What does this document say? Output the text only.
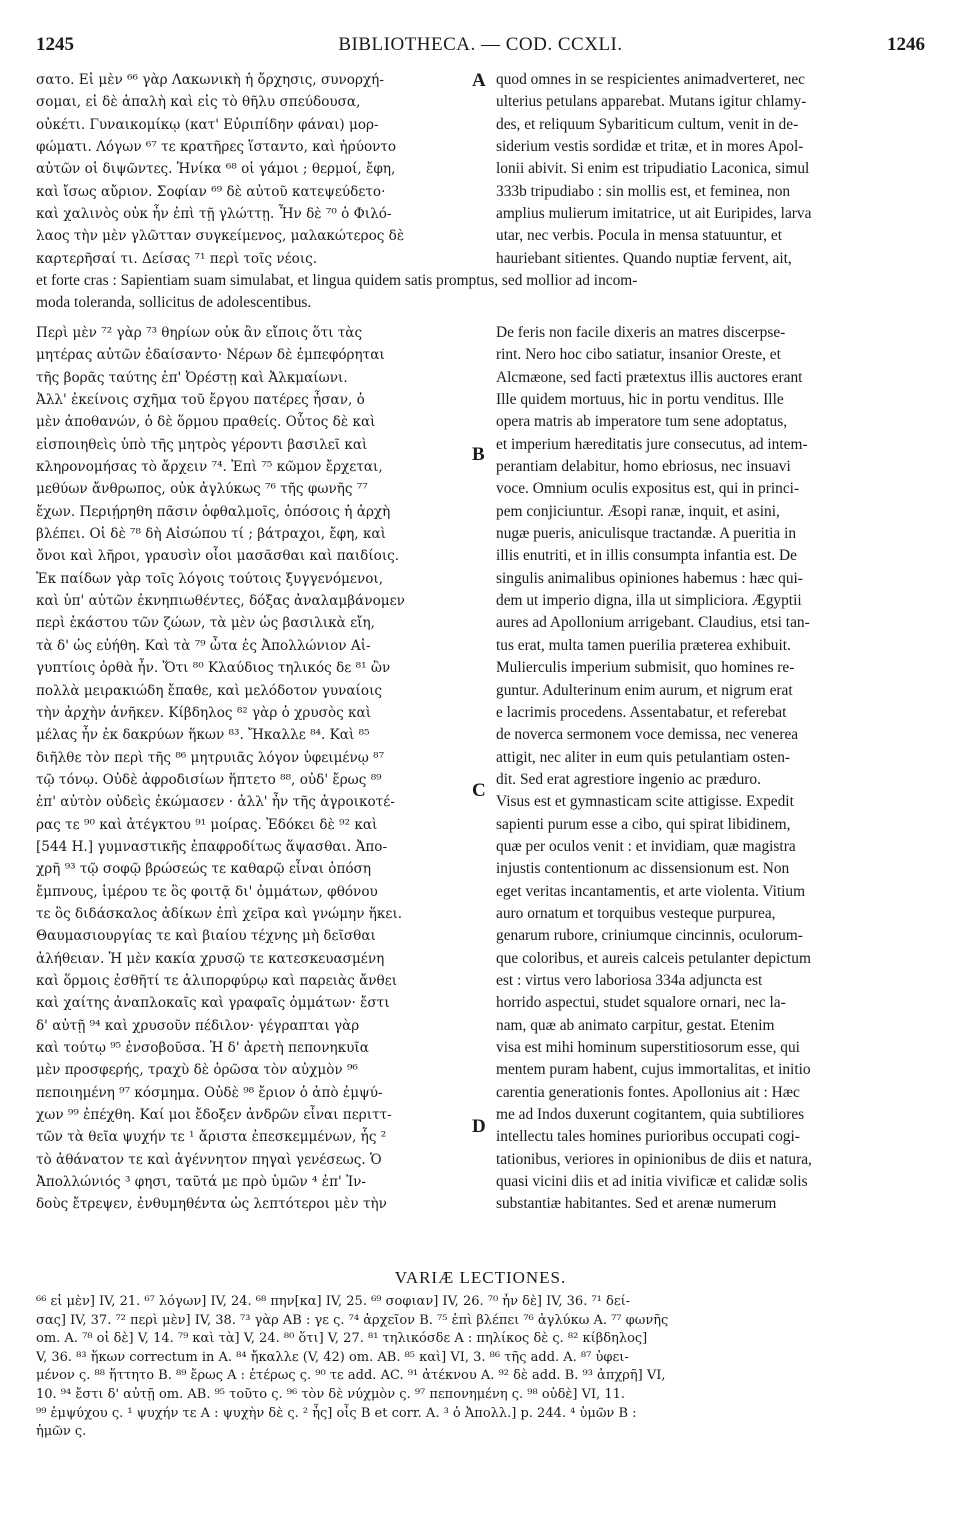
1245	BIBLIOTHECA. — COD. CCXLI.	1246
σατο. Εἰ μὲν ⁶⁶ γὰρ Λακωνικὴ ἡ ὄρχησις, συνορχή-
σομαι, εἰ δὲ ἁπαλὴ καὶ εἰς τὸ θῆλυ σπεύδουσα,
οὐκέτι. Γυναικομίκῳ (κατ' Εὐριπίδην φάναι) μορ-
φώματι. Λόγων ⁶⁷ τε κρατῆρες ἵσταντο, καὶ ἠρύοντο
αὐτῶν οἱ διψῶντες. Ἡνίκα ⁶⁸ οἱ γάμοι ; θερμοί, ἔφη,
καὶ ἴσως αὔριον. Σοφίαν ⁶⁹ δὲ αὐτοῦ κατεψεύδετο·
καὶ χαλινὸς οὐκ ἦν ἐπὶ τῇ γλώττῃ. Ἦν δὲ ⁷⁰ ὁ Φιλό-
λαος τὴν μὲν γλῶτταν συγκείμενος, μαλακώτερος δὲ
καρτερῆσαί τι. Δείσας ⁷¹ περὶ τοῖς νέοις.
quod omnes in se respicientes animadverteret, nec
ulterius petulans apparebat. Mutans igitur chlamy-
des, et reliquum Sybariticum cultum, venit in de-
siderium vestis sordidæ et tritæ, et in mores Apol-
lonii abivit. Si enim est tripudiatio Laconica, simul
333b tripudiabo : sin mollis est, et feminea, non
amplius mulierum imitatrice, ut ait Euripides, larva
utar, nec verbis. Pocula in mensa statuuntur, et
hauriebant sitientes. Quando nuptiæ fervent, ait,
et forte cras : Sapientiam suam simulabat, et lingua quidem satis promptus, sed mollior ad incom-
moda toleranda, sollicitus de adolescentibus.
A
B
C
D
Περὶ μὲν ⁷² γὰρ ⁷³ θηρίων οὐκ ἂν εἴποις ὅτι τὰς
μητέρας αὐτῶν ἐδαίσαντο· Νέρων δὲ ἐμπεφόρηται
τῆς βορᾶς ταύτης ἐπ' Ὀρέστῃ καὶ Ἀλκμαίωνι.
Ἀλλ' ἐκείνοις σχῆμα τοῦ ἔργου πατέρες ἦσαν, ὁ
μὲν ἀποθανών, ὁ δὲ ὅρμου πραθείς. Οὗτος δὲ καὶ
εἰσποιηθεὶς ὑπὸ τῆς μητρὸς γέροντι βασιλεῖ καὶ
κληρονομήσας τὸ ἄρχειν ⁷⁴. Ἐπὶ ⁷⁵ κῶμον ἔρχεται,
μεθύων ἄνθρωπος, οὐκ ἀγλύκως ⁷⁶ τῆς φωνῆς ⁷⁷
ἔχων. Περιῄρηθη πᾶσιν ὀφθαλμοῖς, ὁπόσοις ἡ ἀρχὴ
βλέπει. Οἱ δὲ ⁷⁸ δὴ Αἰσώπου τί ; βάτραχοι, ἔφη, καὶ
ὄνοι καὶ λῆροι, γραυσὶν οἷοι μασᾶσθαι καὶ παιδίοις.
Ἐκ παίδων γὰρ τοῖς λόγοις τούτοις ξυγγενόμενοι,
καὶ ὑπ' αὐτῶν ἐκνηπιωθέντες, δόξας ἀναλαμβάνομεν
περὶ ἑκάστου τῶν ζώων, τὰ μὲν ὡς βασιλικὰ εἴη,
τὰ δ' ὡς εὐήθη. Καὶ τὰ ⁷⁹ ὦτα ἐς Ἀπολλώνιον Αἰ-
γυπτίοις ὀρθὰ ἦν. Ὅτι ⁸⁰ Κλαύδιος τηλικός δε ⁸¹ ὢν
πολλὰ μειρακιώδη ἔπαθε, καὶ μελόδοτον γυναίοις
τὴν ἀρχὴν ἀνῆκεν. Κίβδηλος ⁸² γὰρ ὁ χρυσὸς καὶ
μέλας ἦν ἐκ δακρύων ἥκων ⁸³. Ἤκαλλε ⁸⁴. Καὶ ⁸⁵
διῆλθε τὸν περὶ τῆς ⁸⁶ μητρυιᾶς λόγον ὑφειμένῳ ⁸⁷
τῷ τόνῳ. Οὐδὲ ἀφροδισίων ἥπτετο ⁸⁸, οὐδ' ἔρως ⁸⁹
ἐπ' αὐτὸν οὐδεὶς ἐκώμασεν · ἀλλ' ἦν τῆς ἀγροικοτέ-
ρας τε ⁹⁰ καὶ ἀτέγκτου ⁹¹ μοίρας. Ἐδόκει δὲ ⁹² καὶ
[544 H.] γυμναστικῆς ἐπαφροδίτως ἅψασθαι. Ἀπο-
χρῆ ⁹³ τῷ σοφῷ βρώσεώς τε καθαρῷ εἶναι ὁπόση
ἔμπνους, ἱμέρου τε ὃς φοιτᾷ δι' ὀμμάτων, φθόνου
τε ὃς διδάσκαλος ἀδίκων ἐπὶ χεῖρα καὶ γνώμην ἥκει.
Θαυμασιουργίας τε καὶ βιαίου τέχνης μὴ δεῖσθαι
ἀλήθειαν. Ἡ μὲν κακία χρυσῷ τε κατεσκευασμένη
καὶ ὅρμοις ἐσθῆτί τε ἁλιπορφύρῳ καὶ παρειὰς ἄνθει
καὶ χαίτης ἀναπλοκαῖς καὶ γραφαῖς ὀμμάτων· ἔστι
δ' αὐτῇ ⁹⁴ καὶ χρυσοῦν πέδιλον· γέγραπται γὰρ
καὶ τούτῳ ⁹⁵ ἐνσοβοῦσα. Ἡ δ' ἀρετὴ πεπονηκυῖα
μὲν προσφερής, τραχὺ δὲ ὁρῶσα τὸν αὐχμὸν ⁹⁶
πεποιημένη ⁹⁷ κόσμημα. Οὐδὲ ⁹⁸ ἔριον ὁ ἀπὸ ἐμψύ-
χων ⁹⁹ ἐπέχθη. Καί μοι ἔδοξεν ἀνδρῶν εἶναι περιττ-
τῶν τὰ θεῖα ψυχήν τε ¹ ἄριστα ἐπεσκεμμένων, ἧς ²
τὸ ἀθάνατον τε καὶ ἀγέννητον πηγαὶ γενέσεως. Ὁ
Ἀπολλώνιός ³ φησι, ταῦτά με πρὸ ὑμῶν ⁴ ἐπ' Ἰν-
δοὺς ἔτρεψεν, ἐνθυμηθέντα ὡς λεπτότεροι μὲν τὴν
De feris non facile dixeris an matres discerpse-
rint. Nero hoc cibo satiatur, insanior Oreste, et
Alcmæone, sed facti prætextus illis auctores erant
Ille quidem mortuus, hic in portu venditus. Ille
opera matris ab imperatore tum sene adoptatus,
et imperium hæreditatis jure consecutus, ad intem-
perantiam delabitur, homo ebriosus, nec insuavi
voce. Omnium oculis expositus est, qui in princi-
pem conjiciuntur. Æsopi ranæ, inquit, et asini,
nugæ pueris, aniculisque tractandæ. A pueritia in
illis enutriti, et in illis consumpta infantia est. De
singulis animalibus opiniones habemus : hæc qui-
dem ut imperio digna, illa ut simpliciora. Ægyptii
aures ad Apollonium arrigebant. Claudius, etsi tan-
tus erat, multa tamen puerilia præterea exhibuit.
Mulierculis imperium submisit, quo homines re-
guntur. Adulterinum enim aurum, et nigrum erat
e lacrimis procedens. Assentabatur, et referebat
de noverca sermonem voce demissa, nec venerea
attigit, nec aliter in eum quis petulantiam osten-
dit. Sed erat agrestiore ingenio ac præduro.
Visus est et gymnasticam scite attigisse. Expedit
sapienti purum esse a cibo, qui spirat libidinem,
quæ per oculos venit : et invidiam, quæ magistra
injustis contentionum ac dissensionum est. Non
eget veritas incantamentis, et arte violenta. Vitium
auro ornatum et torquibus vesteque purpurea,
genarum rubore, criniumque cincinnis, oculorum-
que coloribus, et aureis calceis petulanter depictum
est : virtus vero laboriosa 334a adjuncta est
horrido aspectui, studet squalore ornari, nec la-
nam, quæ ab animato carpitur, gestat. Etenim
visa est mihi hominum superstitiosorum esse, qui
mentem puram habent, cujus immortalitas, et initio
carentia generationis fontes. Apollonius ait : Hæc
me ad Indos duxerunt cogitantem, quia subtiliores
intellectu tales homines purioribus occupati cogi-
tationibus, veriores in opinionibus de diis et natura,
quasi vicini diis et ad initia vivificæ et calidæ solis
substantiæ habitantes. Sed et arenæ numerum
VARIÆ LECTIONES.
⁶⁶ εἰ μὲν] IV, 21. ⁶⁷ λόγων] IV, 24. ⁶⁸ πην[κα] IV, 25. ⁶⁹ σοφιαν] IV, 26. ⁷⁰ ἦν δὲ] IV, 36. ⁷¹ δεί-
σας] IV, 37. ⁷² περὶ μὲν] IV, 38. ⁷³ γὰρ AB : γε ς. ⁷⁴ ἀρχεῖον B. ⁷⁵ ἐπὶ βλέπει ⁷⁶ ἀγλύκω A. ⁷⁷ φωνῆς
om. A. ⁷⁸ οἱ δὲ] V, 14. ⁷⁹ καὶ τὰ] V, 24. ⁸⁰ ὅτι] V, 27. ⁸¹ τηλικόσδε A : πηλίκος δὲ ς. ⁸² κίβδηλος]
V, 36. ⁸³ ἥκων correctum in A. ⁸⁴ ἤκαλλε (V, 42) om. AB. ⁸⁵ καὶ] VI, 3. ⁸⁶ τῆς add. A. ⁸⁷ ὑφει-
μένον ς. ⁸⁸ ἥττητο B. ⁸⁹ ἔρως A : ἑτέρως ς. ⁹⁰ τε add. AC. ⁹¹ ἀτέκνου A. ⁹² δὲ add. B. ⁹³ ἀπχρῆ] VI,
10. ⁹⁴ ἔστι δ' αὐτῇ om. AB. ⁹⁵ τοῦτο ς. ⁹⁶ τὸν δὲ νύχμὸν ς. ⁹⁷ πεπονημένη ς. ⁹⁸ οὐδὲ] VI, 11.
⁹⁹ ἐμψύχου ς. ¹ ψυχήν τε A : ψυχὴν δὲ ς. ² ἧς] οἷς B et corr. A. ³ ὁ Ἀπολλ.] p. 244. ⁴ ὑμῶν B :
ἡμῶν ς.
